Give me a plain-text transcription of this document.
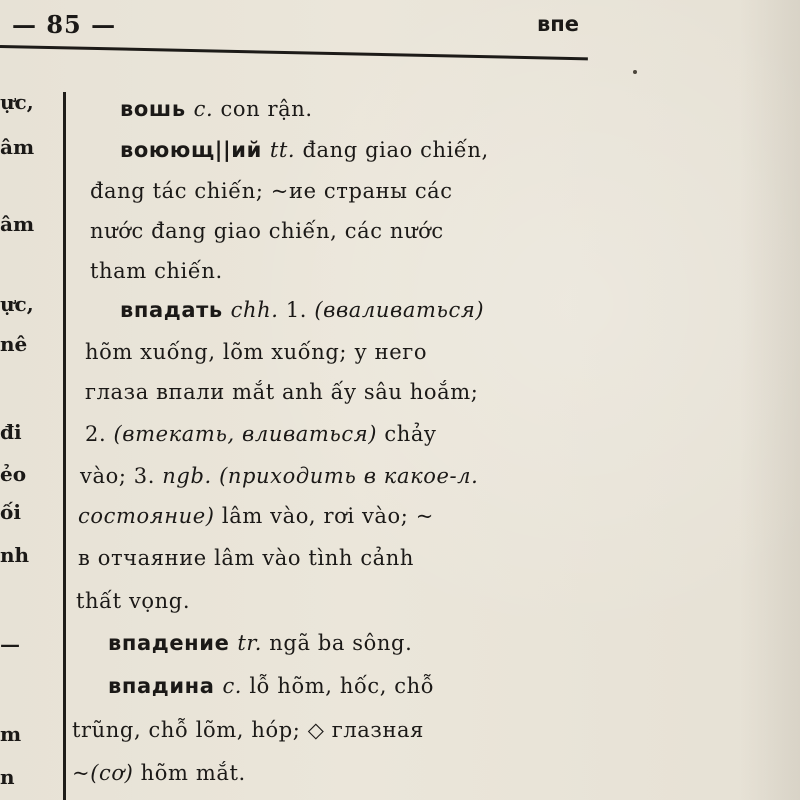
— 85 —	впе
ực,
âm
âm
ực,
nê
đi
ẻo
ối
nh
—
m
n
вошь c. con rận.
воюющ||ий tt. đang giao chiến,
đang tác chiến; ~ие страны các
nước đang giao chiến, các nước
tham chiến.
впадать chh. 1. (вваливаться)
hõm xuống, lõm xuống; у него
глаза впали mắt anh ấy sâu hoắm;
2. (втекать, вливаться) chảy
vào; 3. ngb. (приходить в какое-л.
состояние) lâm vào, rơi vào; ~
в отчаяние lâm vào tình cảnh
thất vọng.
впадение tr. ngã ba sông.
впадина c. lỗ hõm, hốc, chỗ
trũng, chỗ lõm, hóp; ◇ глазная
~(cơ) hõm mắt.
